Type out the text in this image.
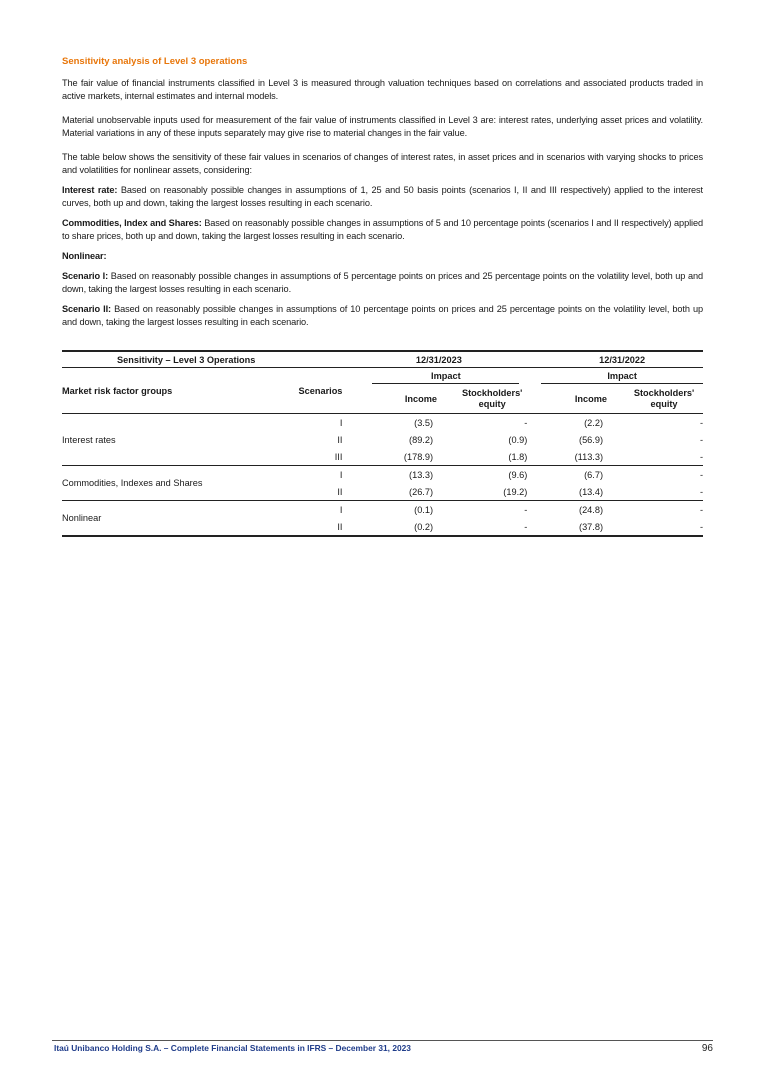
Sensitivity analysis of Level 3 operations

The fair value of financial instruments classified in Level 3 is measured through valuation techniques based on correlations and associated products traded in active markets, internal estimates and internal models.

Material unobservable inputs used for measurement of the fair value of instruments classified in Level 3 are: interest rates, underlying asset prices and volatility. Material variations in any of these inputs separately may give rise to material changes in the fair value.

The table below shows the sensitivity of these fair values in scenarios of changes of interest rates, in asset prices and in scenarios with varying shocks to prices and volatilities for nonlinear assets, considering:

Interest rate: Based on reasonably possible changes in assumptions of 1, 25 and 50 basis points (scenarios I, II and III respectively) applied to the interest curves, both up and down, taking the largest losses resulting in each scenario.

Commodities, Index and Shares: Based on reasonably possible changes in assumptions of 5 and 10 percentage points (scenarios I and II respectively) applied to share prices, both up and down, taking the largest losses resulting in each scenario.

Nonlinear:

Scenario I: Based on reasonably possible changes in assumptions of 5 percentage points on prices and 25 percentage points on the volatility level, both up and down, taking the largest losses resulting in each scenario.

Scenario II: Based on reasonably possible changes in assumptions of 10 percentage points on prices and 25 percentage points on the volatility level, both up and down, taking the largest losses resulting in each scenario.

Sensitivity – Level 3 Operations		12/31/2023		12/31/2022	
Market risk factor groups	Scenarios	Impact		Impact	

		Income	Stockholders' equity	Income	Stockholders' equity
Interest rates	I	(3.5)	-	(2.2)	-
	II	(89.2)	(0.9)	(56.9)	-
	III	(178.9)	(1.8)	(113.3)	-
Commodities, Indexes and Shares	I	(13.3)	(9.6)	(6.7)	-
	II	(26.7)	(19.2)	(13.4)	-
Nonlinear	I	(0.1)	-	(24.8)	-
	II	(0.2)	-	(37.8)	-
Itaú Unibanco Holding S.A. – Complete Financial Statements in IFRS – December 31, 2023	96
